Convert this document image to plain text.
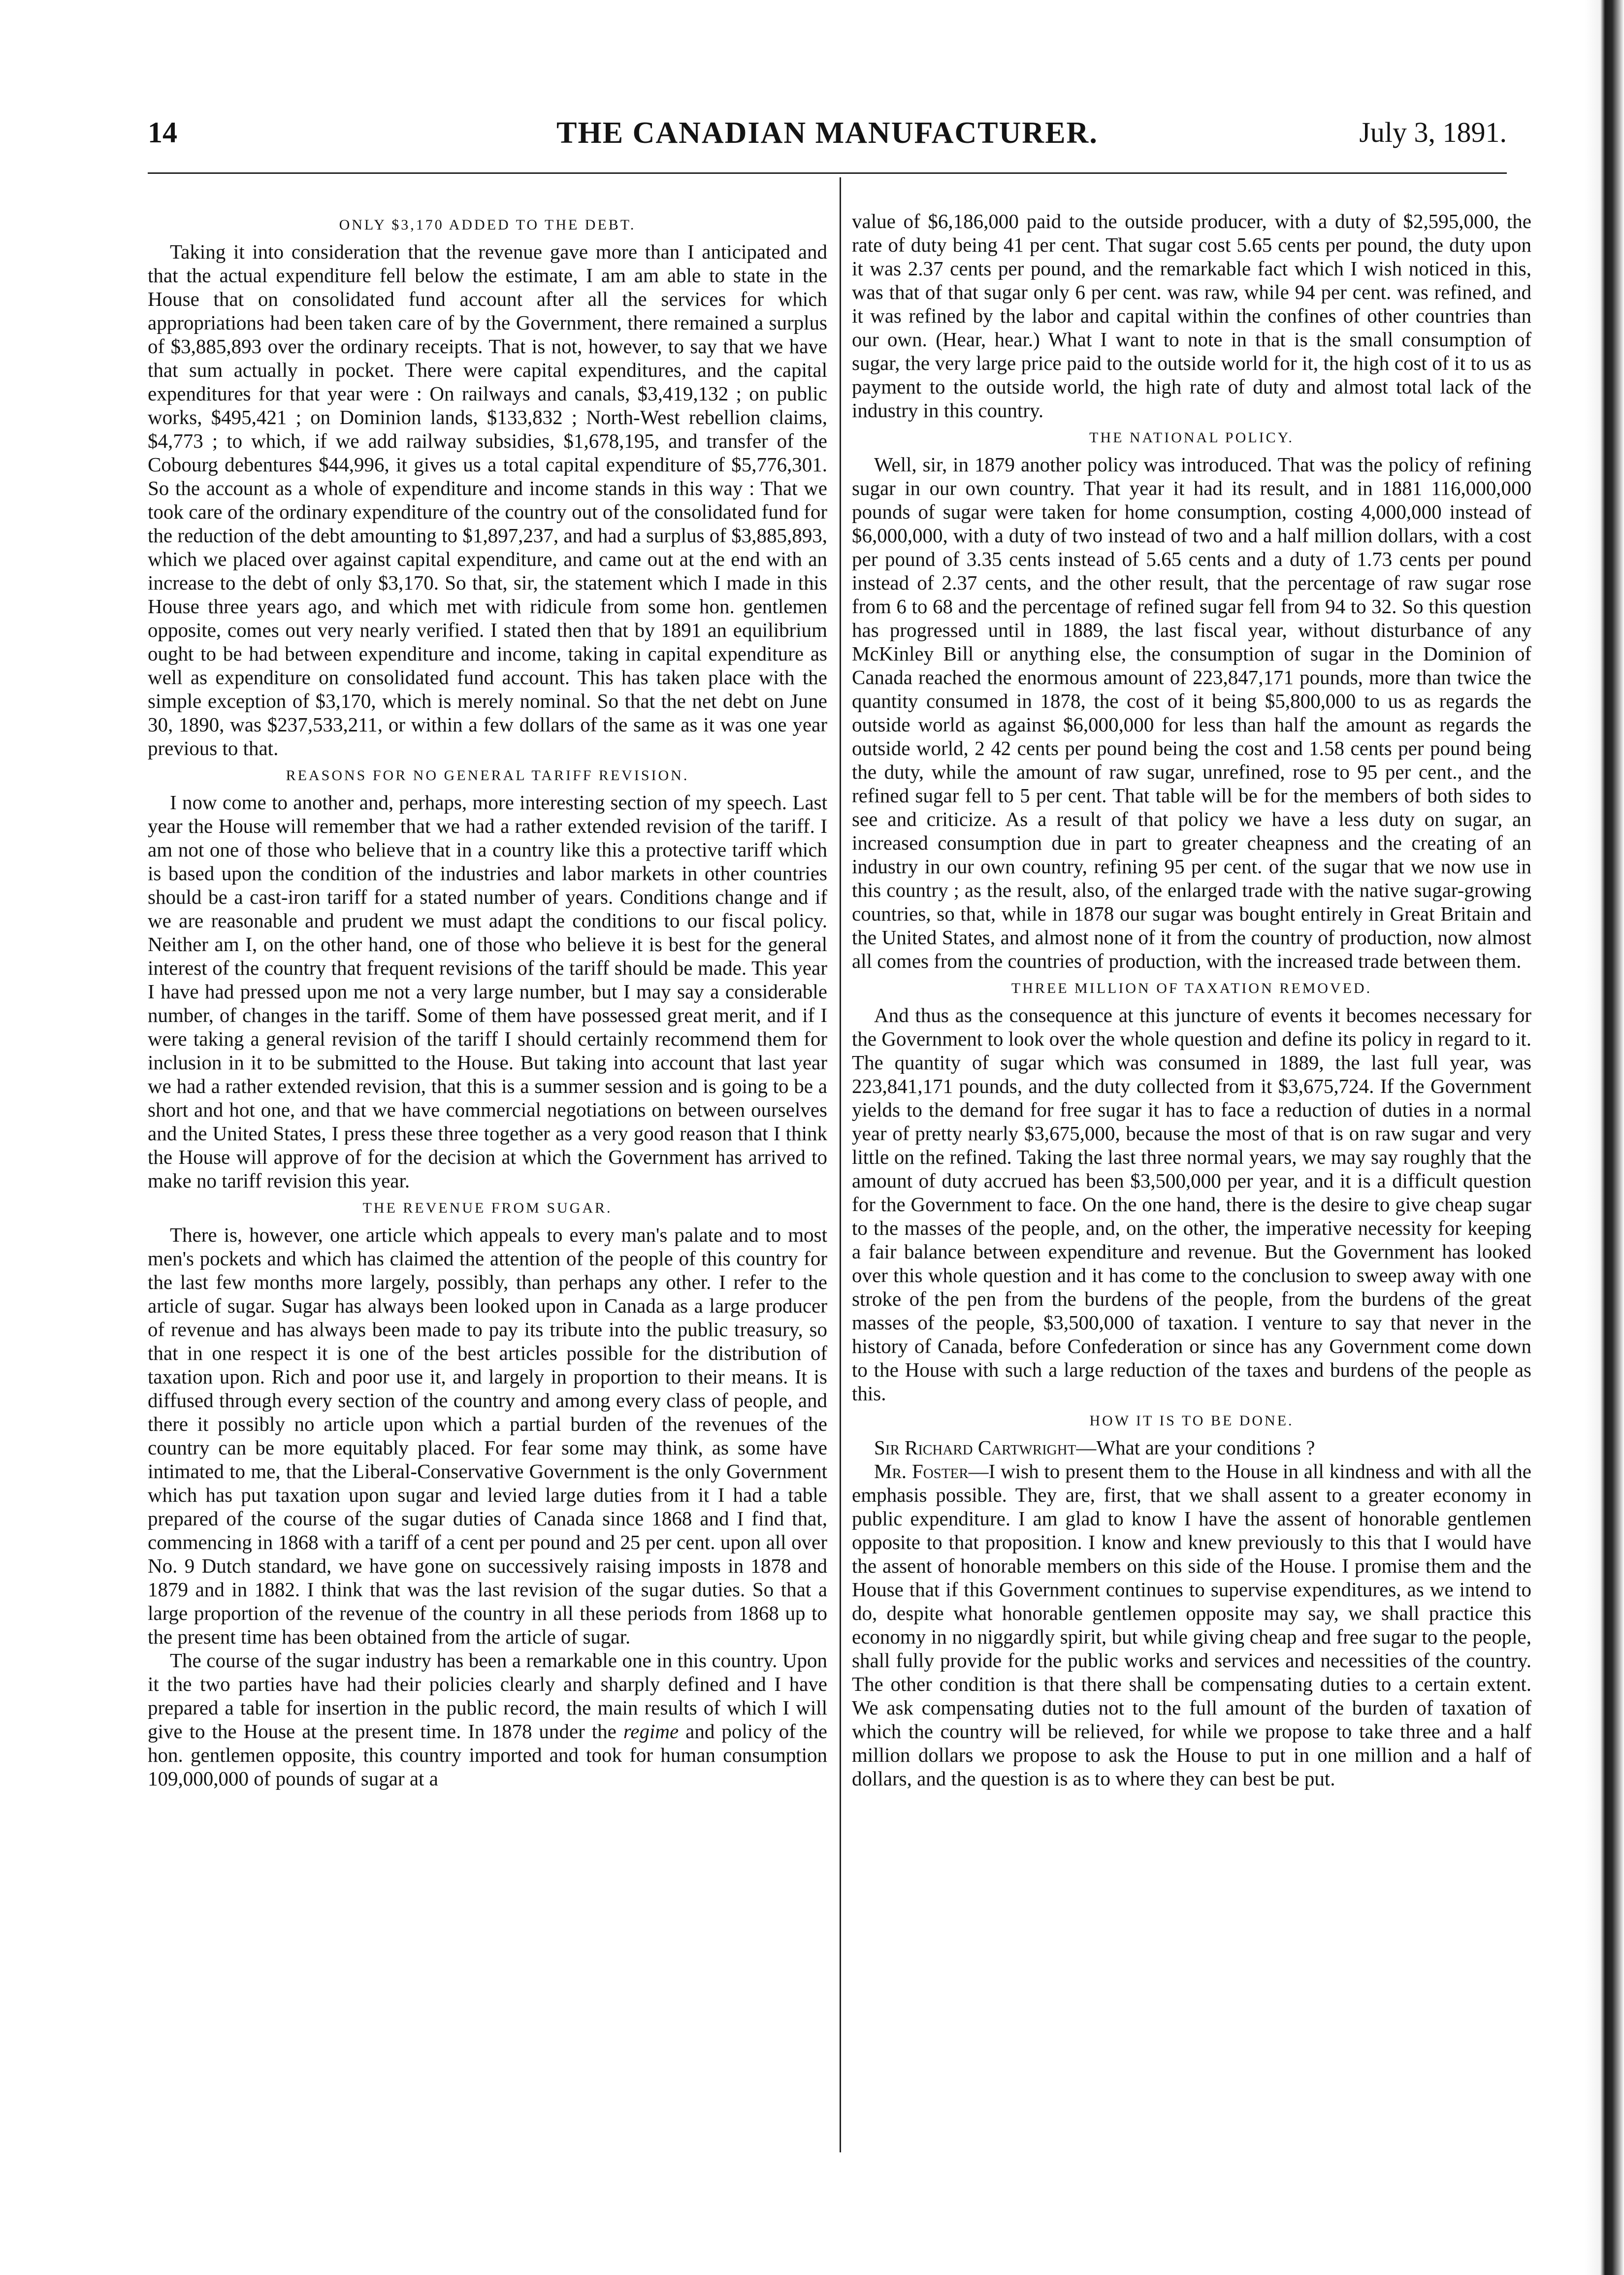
14	THE CANADIAN MANUFACTURER.	July 3, 1891.
ONLY $3,170 ADDED TO THE DEBT.

Taking it into consideration that the revenue gave more than I anticipated and that the actual expenditure fell below the estimate, I am am able to state in the House that on consolidated fund account after all the services for which appropriations had been taken care of by the Government, there remained a surplus of $3,885,893 over the ordinary receipts. That is not, however, to say that we have that sum actually in pocket. There were capital expenditures, and the capital expenditures for that year were : On railways and canals, $3,419,132 ; on public works, $495,421 ; on Dominion lands, $133,832 ; North-West rebellion claims, $4,773 ; to which, if we add railway subsidies, $1,678,195, and transfer of the Cobourg debentures $44,996, it gives us a total capital expenditure of $5,776,301. So the account as a whole of expenditure and income stands in this way : That we took care of the ordinary expenditure of the country out of the consolidated fund for the reduction of the debt amounting to $1,897,237, and had a surplus of $3,885,893, which we placed over against capital expenditure, and came out at the end with an increase to the debt of only $3,170. So that, sir, the statement which I made in this House three years ago, and which met with ridicule from some hon. gentlemen opposite, comes out very nearly verified. I stated then that by 1891 an equilibrium ought to be had between expenditure and income, taking in capital expenditure as well as expenditure on consolidated fund account. This has taken place with the simple exception of $3,170, which is merely nominal. So that the net debt on June 30, 1890, was $237,533,211, or within a few dollars of the same as it was one year previous to that.

REASONS FOR NO GENERAL TARIFF REVISION.

I now come to another and, perhaps, more interesting section of my speech. Last year the House will remember that we had a rather extended revision of the tariff. I am not one of those who believe that in a country like this a protective tariff which is based upon the condition of the industries and labor markets in other countries should be a cast-iron tariff for a stated number of years. Conditions change and if we are reasonable and prudent we must adapt the conditions to our fiscal policy. Neither am I, on the other hand, one of those who believe it is best for the general interest of the country that frequent revisions of the tariff should be made. This year I have had pressed upon me not a very large number, but I may say a considerable number, of changes in the tariff. Some of them have possessed great merit, and if I were taking a general revision of the tariff I should certainly recommend them for inclusion in it to be submitted to the House. But taking into account that last year we had a rather extended revision, that this is a summer session and is going to be a short and hot one, and that we have commercial negotiations on between ourselves and the United States, I press these three together as a very good reason that I think the House will approve of for the decision at which the Government has arrived to make no tariff revision this year.

THE REVENUE FROM SUGAR.

There is, however, one article which appeals to every man's palate and to most men's pockets and which has claimed the attention of the people of this country for the last few months more largely, possibly, than perhaps any other. I refer to the article of sugar. Sugar has always been looked upon in Canada as a large producer of revenue and has always been made to pay its tribute into the public treasury, so that in one respect it is one of the best articles possible for the distribution of taxation upon. Rich and poor use it, and largely in proportion to their means. It is diffused through every section of the country and among every class of people, and there it possibly no article upon which a partial burden of the revenues of the country can be more equitably placed. For fear some may think, as some have intimated to me, that the Liberal-Conservative Government is the only Government which has put taxation upon sugar and levied large duties from it I had a table prepared of the course of the sugar duties of Canada since 1868 and I find that, commencing in 1868 with a tariff of a cent per pound and 25 per cent. upon all over No. 9 Dutch standard, we have gone on successively raising imposts in 1878 and 1879 and in 1882. I think that was the last revision of the sugar duties. So that a large proportion of the revenue of the country in all these periods from 1868 up to the present time has been obtained from the article of sugar.

The course of the sugar industry has been a remarkable one in this country. Upon it the two parties have had their policies clearly and sharply defined and I have prepared a table for insertion in the public record, the main results of which I will give to the House at the present time. In 1878 under the regime and policy of the hon. gentlemen opposite, this country imported and took for human consumption 109,000,000 of pounds of sugar at a

value of $6,186,000 paid to the outside producer, with a duty of $2,595,000, the rate of duty being 41 per cent. That sugar cost 5.65 cents per pound, the duty upon it was 2.37 cents per pound, and the remarkable fact which I wish noticed in this, was that of that sugar only 6 per cent. was raw, while 94 per cent. was refined, and it was refined by the labor and capital within the confines of other countries than our own. (Hear, hear.) What I want to note in that is the small consumption of sugar, the very large price paid to the outside world for it, the high cost of it to us as payment to the outside world, the high rate of duty and almost total lack of the industry in this country.

THE NATIONAL POLICY.

Well, sir, in 1879 another policy was introduced. That was the policy of refining sugar in our own country. That year it had its result, and in 1881 116,000,000 pounds of sugar were taken for home consumption, costing 4,000,000 instead of $6,000,000, with a duty of two instead of two and a half million dollars, with a cost per pound of 3.35 cents instead of 5.65 cents and a duty of 1.73 cents per pound instead of 2.37 cents, and the other result, that the percentage of raw sugar rose from 6 to 68 and the percentage of refined sugar fell from 94 to 32. So this question has progressed until in 1889, the last fiscal year, without disturbance of any McKinley Bill or anything else, the consumption of sugar in the Dominion of Canada reached the enormous amount of 223,847,171 pounds, more than twice the quantity consumed in 1878, the cost of it being $5,800,000 to us as regards the outside world as against $6,000,000 for less than half the amount as regards the outside world, 2 42 cents per pound being the cost and 1.58 cents per pound being the duty, while the amount of raw sugar, unrefined, rose to 95 per cent., and the refined sugar fell to 5 per cent. That table will be for the members of both sides to see and criticize. As a result of that policy we have a less duty on sugar, an increased consumption due in part to greater cheapness and the creating of an industry in our own country, refining 95 per cent. of the sugar that we now use in this country ; as the result, also, of the enlarged trade with the native sugar-growing countries, so that, while in 1878 our sugar was bought entirely in Great Britain and the United States, and almost none of it from the country of production, now almost all comes from the countries of production, with the increased trade between them.

THREE MILLION OF TAXATION REMOVED.

And thus as the consequence at this juncture of events it becomes necessary for the Government to look over the whole question and define its policy in regard to it. The quantity of sugar which was consumed in 1889, the last full year, was 223,841,171 pounds, and the duty collected from it $3,675,724. If the Government yields to the demand for free sugar it has to face a reduction of duties in a normal year of pretty nearly $3,675,000, because the most of that is on raw sugar and very little on the refined. Taking the last three normal years, we may say roughly that the amount of duty accrued has been $3,500,000 per year, and it is a difficult question for the Government to face. On the one hand, there is the desire to give cheap sugar to the masses of the people, and, on the other, the imperative necessity for keeping a fair balance between expenditure and revenue. But the Government has looked over this whole question and it has come to the conclusion to sweep away with one stroke of the pen from the burdens of the people, from the burdens of the great masses of the people, $3,500,000 of taxation. I venture to say that never in the history of Canada, before Confederation or since has any Government come down to the House with such a large reduction of the taxes and burdens of the people as this.

HOW IT IS TO BE DONE.

Sir Richard Cartwright—What are your conditions ?

Mr. Foster—I wish to present them to the House in all kindness and with all the emphasis possible. They are, first, that we shall assent to a greater economy in public expenditure. I am glad to know I have the assent of honorable gentlemen opposite to that proposition. I know and knew previously to this that I would have the assent of honorable members on this side of the House. I promise them and the House that if this Government continues to supervise expenditures, as we intend to do, despite what honorable gentlemen opposite may say, we shall practice this economy in no niggardly spirit, but while giving cheap and free sugar to the people, shall fully provide for the public works and services and necessities of the country. The other condition is that there shall be compensating duties to a certain extent. We ask compensating duties not to the full amount of the burden of taxation of which the country will be relieved, for while we propose to take three and a half million dollars we propose to ask the House to put in one million and a half of dollars, and the question is as to where they can best be put.
